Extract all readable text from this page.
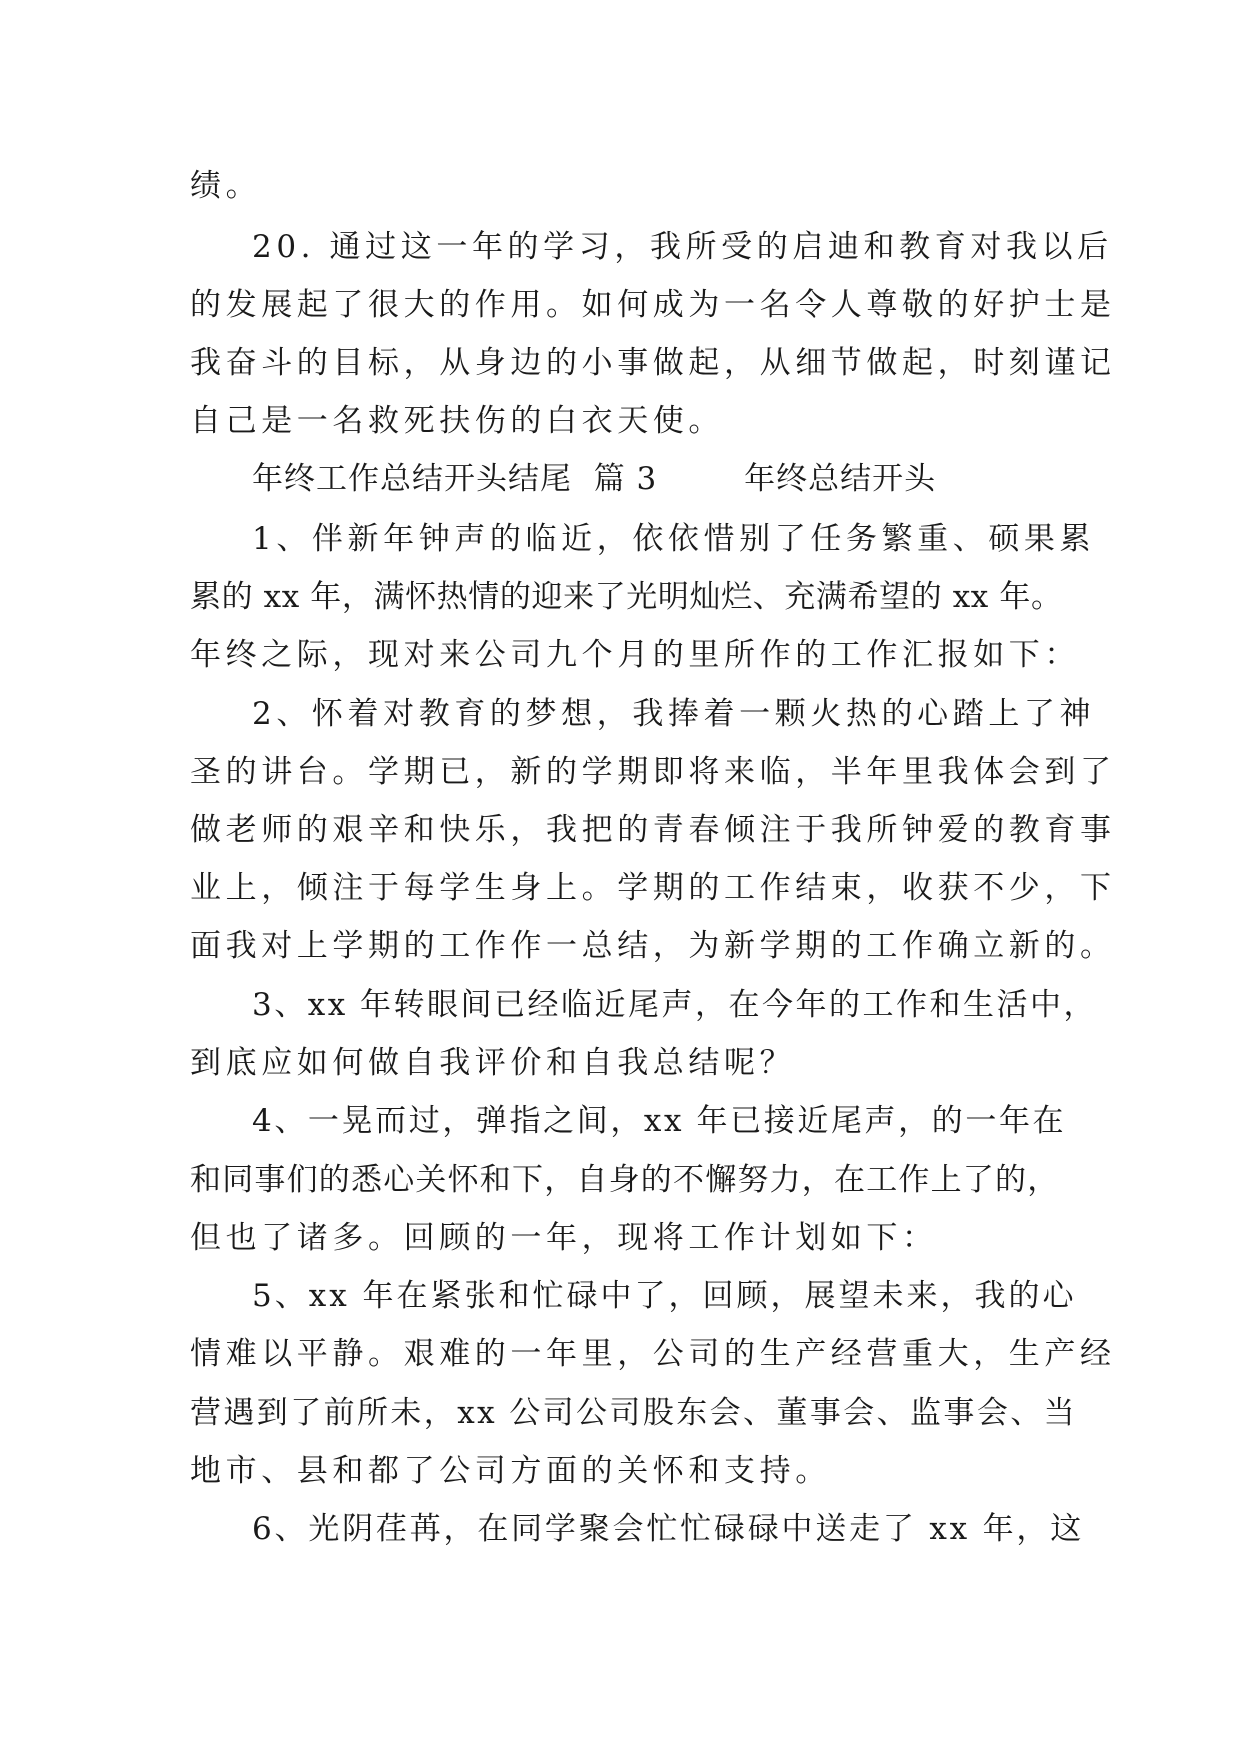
绩。
20. 通过这一年的学习，我所受的启迪和教育对我以后
的发展起了很大的作用。如何成为一名令人尊敬的好护士是
我奋斗的目标，从身边的小事做起，从细节做起，时刻谨记
自己是一名救死扶伤的白衣天使。
年终工作总结开头结尾  篇 3        年终总结开头
1、伴新年钟声的临近，依依惜别了任务繁重、硕果累
累的 xx 年，满怀热情的迎来了光明灿烂、充满希望的 xx 年。
年终之际，现对来公司九个月的里所作的工作汇报如下：
2、怀着对教育的梦想，我捧着一颗火热的心踏上了神
圣的讲台。学期已，新的学期即将来临，半年里我体会到了
做老师的艰辛和快乐，我把的青春倾注于我所钟爱的教育事
业上，倾注于每学生身上。学期的工作结束，收获不少，下
面我对上学期的工作作一总结，为新学期的工作确立新的。
3、xx 年转眼间已经临近尾声，在今年的工作和生活中，
到底应如何做自我评价和自我总结呢？
4、一晃而过，弹指之间，xx 年已接近尾声，的一年在
和同事们的悉心关怀和下，自身的不懈努力，在工作上了的，
但也了诸多。回顾的一年，现将工作计划如下：
5、xx 年在紧张和忙碌中了，回顾，展望未来，我的心
情难以平静。艰难的一年里，公司的生产经营重大，生产经
营遇到了前所未，xx 公司公司股东会、董事会、监事会、当
地市、县和都了公司方面的关怀和支持。
6、光阴荏苒，在同学聚会忙忙碌碌中送走了 xx 年，这
